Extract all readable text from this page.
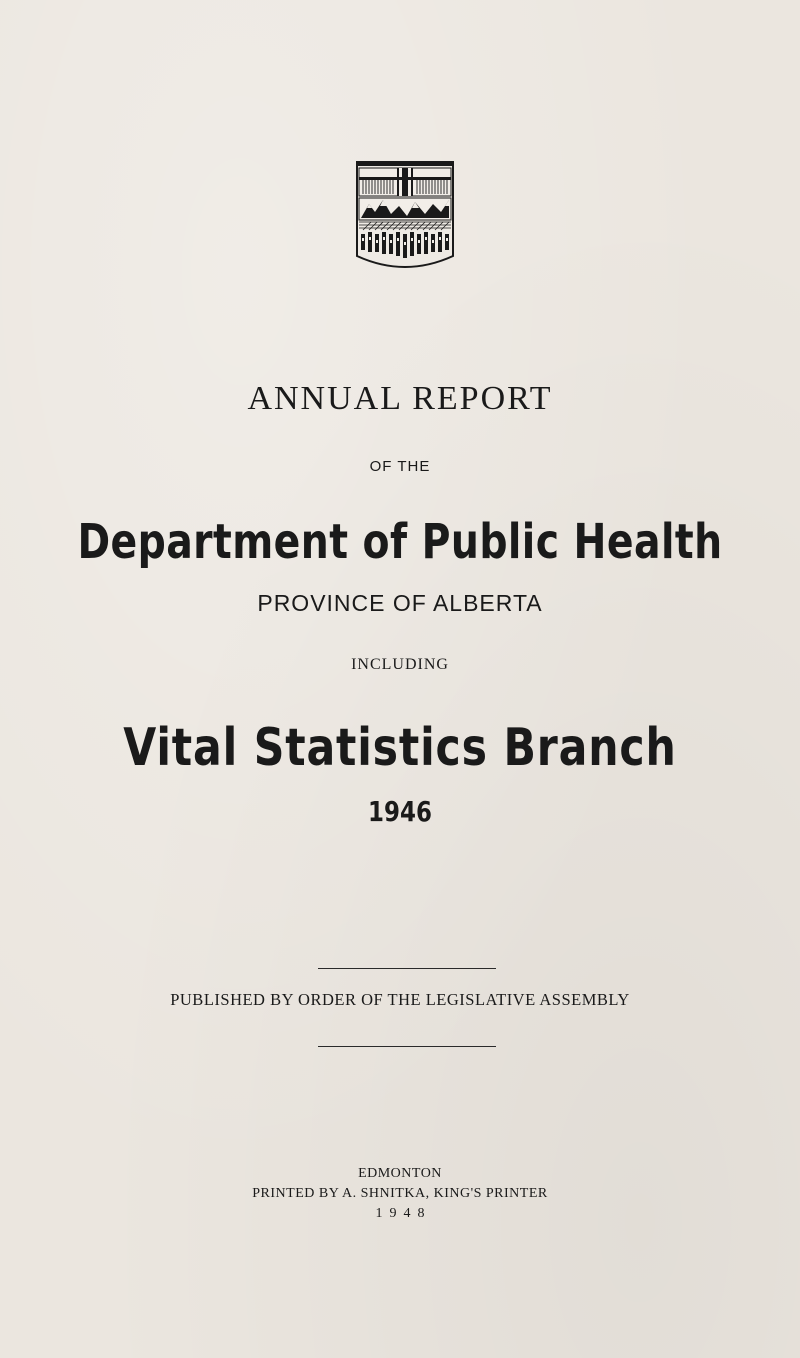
ANNUAL REPORT
OF THE
Department of Public Health
PROVINCE OF ALBERTA
INCLUDING
Vital Statistics Branch
1946
PUBLISHED BY ORDER OF THE LEGISLATIVE ASSEMBLY
EDMONTON
PRINTED BY A. SHNITKA, KING'S PRINTER
1948
